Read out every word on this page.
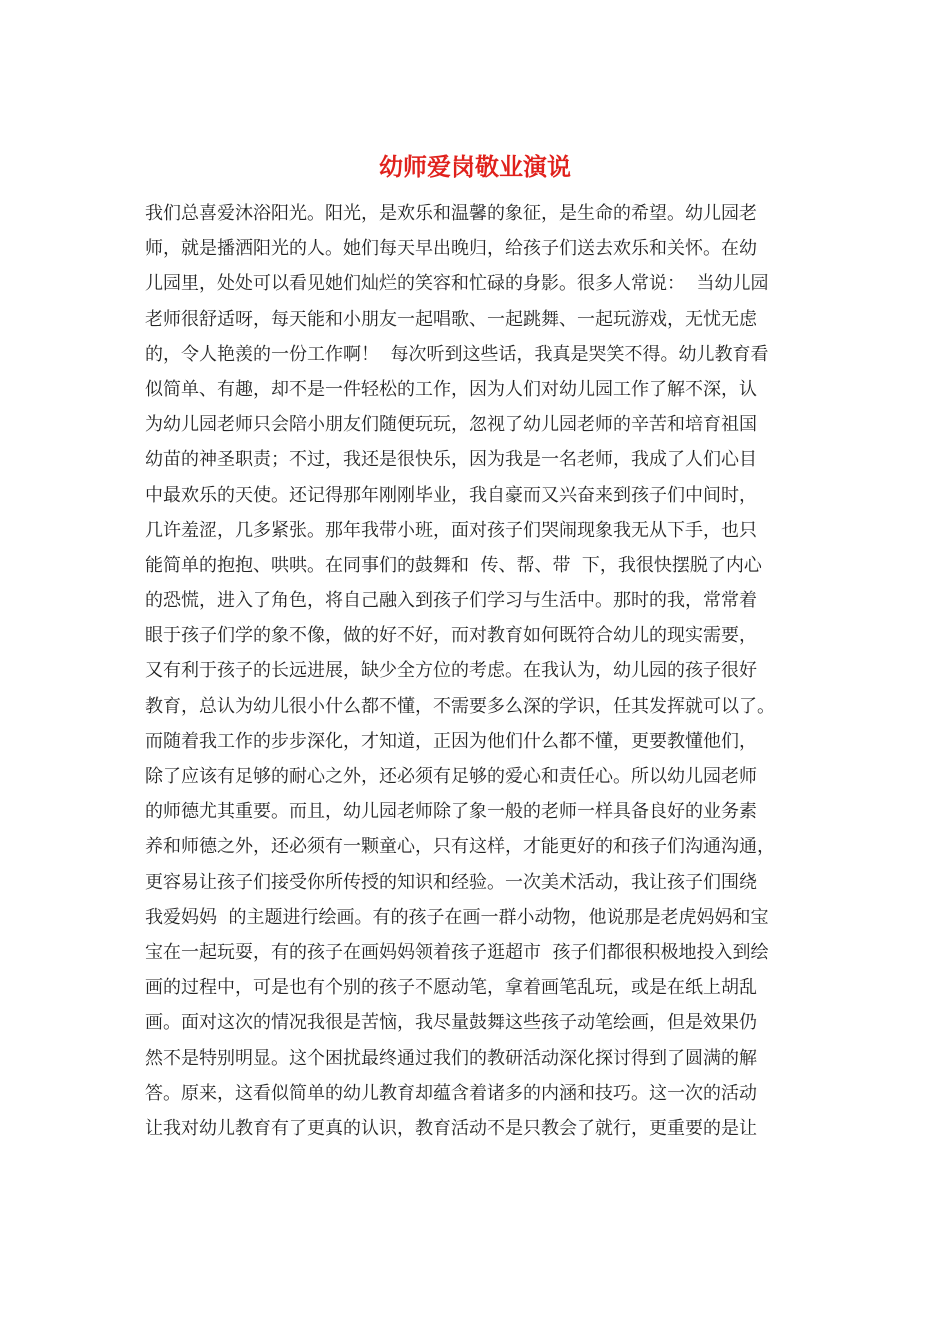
幼师爱岗敬业演说
我们总喜爱沐浴阳光。阳光，是欢乐和温馨的象征，是生命的希望。幼儿园老
师，就是播洒阳光的人。她们每天早出晚归，给孩子们送去欢乐和关怀。在幼
儿园里，处处可以看见她们灿烂的笑容和忙碌的身影。很多人常说：  当幼儿园
老师很舒适呀，每天能和小朋友一起唱歌、一起跳舞、一起玩游戏，无忧无虑
的，令人艳羡的一份工作啊！  每次听到这些话，我真是哭笑不得。幼儿教育看
似简单、有趣，却不是一件轻松的工作，因为人们对幼儿园工作了解不深，认
为幼儿园老师只会陪小朋友们随便玩玩，忽视了幼儿园老师的辛苦和培育祖国
幼苗的神圣职责；不过，我还是很快乐，因为我是一名老师，我成了人们心目
中最欢乐的天使。还记得那年刚刚毕业，我自豪而又兴奋来到孩子们中间时，
几许羞涩，几多紧张。那年我带小班，面对孩子们哭闹现象我无从下手，也只
能简单的抱抱、哄哄。在同事们的鼓舞和  传、帮、带  下，我很快摆脱了内心
的恐慌，进入了角色，将自己融入到孩子们学习与生活中。那时的我，常常着
眼于孩子们学的象不像，做的好不好，而对教育如何既符合幼儿的现实需要，
又有利于孩子的长远进展，缺少全方位的考虑。在我认为，幼儿园的孩子很好
教育，总认为幼儿很小什么都不懂，不需要多么深的学识，任其发挥就可以了。
而随着我工作的步步深化，才知道，正因为他们什么都不懂，更要教懂他们，
除了应该有足够的耐心之外，还必须有足够的爱心和责任心。所以幼儿园老师
的师德尤其重要。而且，幼儿园老师除了象一般的老师一样具备良好的业务素
养和师德之外，还必须有一颗童心，只有这样，才能更好的和孩子们沟通沟通，
更容易让孩子们接受你所传授的知识和经验。一次美术活动，我让孩子们围绕
我爱妈妈  的主题进行绘画。有的孩子在画一群小动物，他说那是老虎妈妈和宝
宝在一起玩耍，有的孩子在画妈妈领着孩子逛超市  孩子们都很积极地投入到绘
画的过程中，可是也有个别的孩子不愿动笔，拿着画笔乱玩，或是在纸上胡乱
画。面对这次的情况我很是苦恼，我尽量鼓舞这些孩子动笔绘画，但是效果仍
然不是特别明显。这个困扰最终通过我们的教研活动深化探讨得到了圆满的解
答。原来，这看似简单的幼儿教育却蕴含着诸多的内涵和技巧。这一次的活动
让我对幼儿教育有了更真的认识，教育活动不是只教会了就行，更重要的是让
